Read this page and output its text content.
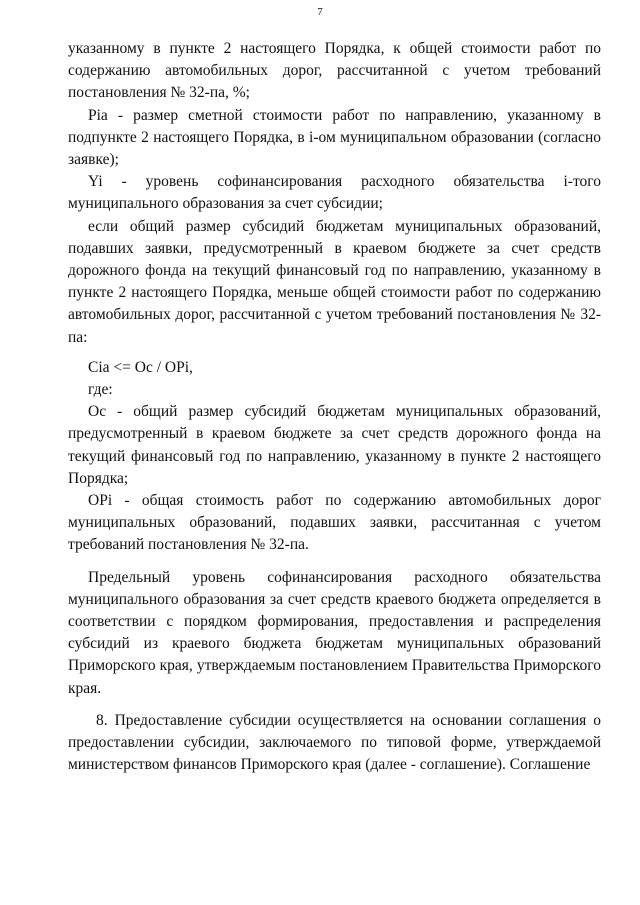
7

указанному в пункте 2 настоящего Порядка, к общей стоимости работ по содержанию автомобильных дорог, рассчитанной с учетом требований постановления № 32-па, %;

Pia - размер сметной стоимости работ по направлению, указанному в подпункте 2 настоящего Порядка, в i-ом муниципальном образовании (согласно заявке);

Yi - уровень софинансирования расходного обязательства i-того муниципального образования за счет субсидии;

если общий размер субсидий бюджетам муниципальных образований, подавших заявки, предусмотренный в краевом бюджете за счет средств дорожного фонда на текущий финансовый год по направлению, указанному в пункте 2 настоящего Порядка, меньше общей стоимости работ по содержанию автомобильных дорог, рассчитанной с учетом требований постановления № 32-па:

Cia <= Oc / OPi,

где:

Oc - общий размер субсидий бюджетам муниципальных образований, предусмотренный в краевом бюджете за счет средств дорожного фонда на текущий финансовый год по направлению, указанному в пункте 2 настоящего Порядка;

OPi - общая стоимость работ по содержанию автомобильных дорог муниципальных образований, подавших заявки, рассчитанная с учетом требований постановления № 32-па.

Предельный уровень софинансирования расходного обязательства муниципального образования за счет средств краевого бюджета определяется в соответствии с порядком формирования, предоставления и распределения субсидий из краевого бюджета бюджетам муниципальных образований Приморского края, утверждаемым постановлением Правительства Приморского края.

8. Предоставление субсидии осуществляется на основании соглашения о предоставлении субсидии, заключаемого по типовой форме, утверждаемой министерством финансов Приморского края (далее - соглашение). Соглашение
